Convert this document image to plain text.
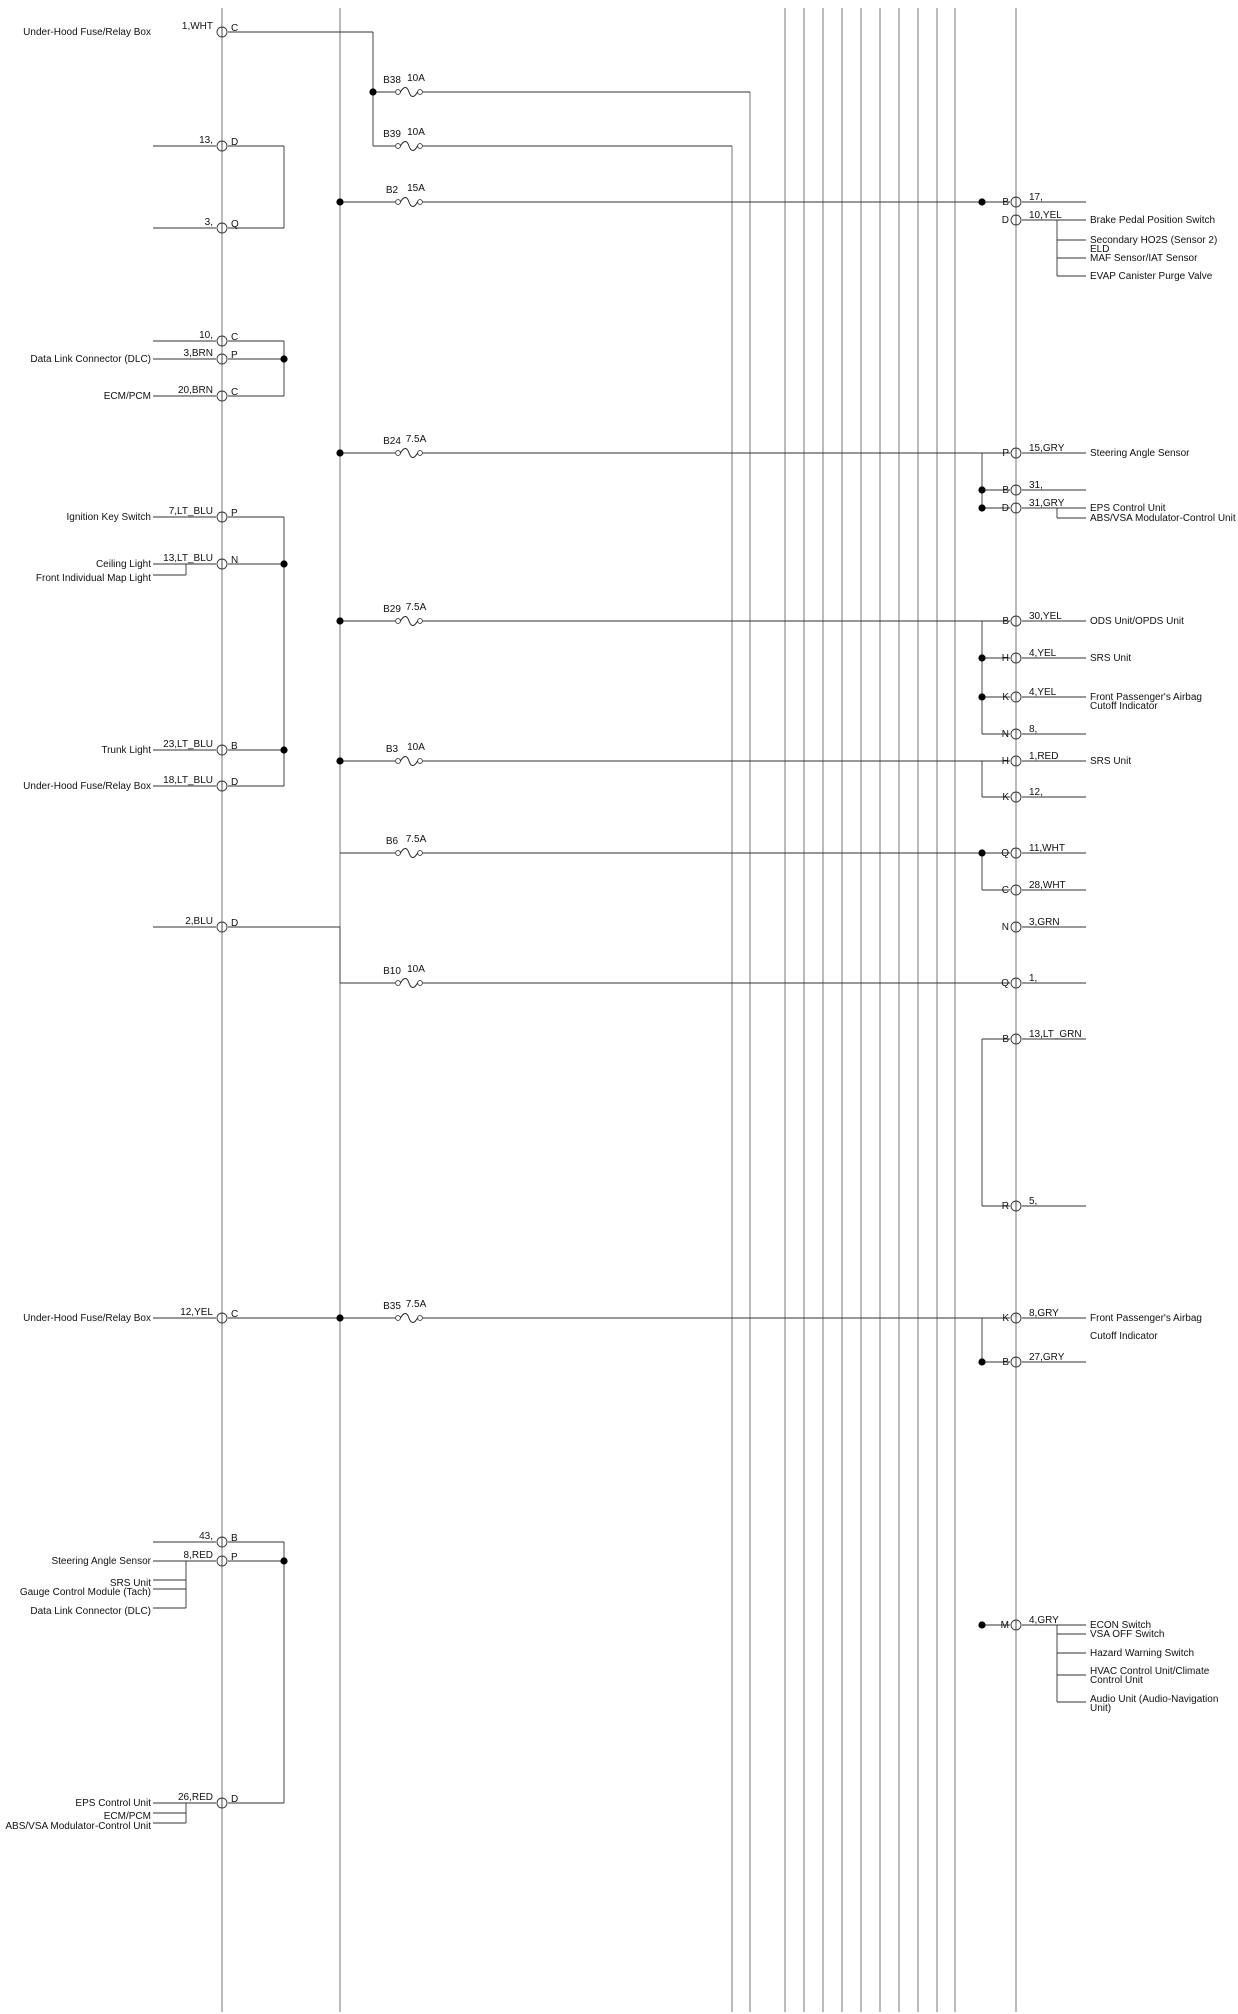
1,WHT C
Under-Hood Fuse/Relay Box
13, D
3, Q
10, C
3,BRN P
Data Link Connector (DLC)
20,BRN C
ECM/PCM
7,LT_BLU P
Ignition Key Switch
13,LT_BLU N
Ceiling Light
23,LT_BLU B
Trunk Light
18,LT_BLU D
Under-Hood Fuse/Relay Box
2,BLU D
12,YEL C
Under-Hood Fuse/Relay Box
43, B
8,RED P
Steering Angle Sensor
26,RED D
EPS Control Unit
Front Individual Map Light
SRS Unit
Gauge Control Module (Tach)
Data Link Connector (DLC)
ECM/PCM
ABS/VSA Modulator-Control Unit
B38 10A
B39 10A
B2 15A
B24 7.5A
B29 7.5A
B3 10A
B6 7.5A
B10 10A
B35 7.5A
B 17,
D 10,YEL	Brake Pedal Position Switch
P 15,GRY	Steering Angle Sensor
B 31,
D 31,GRY	EPS Control Unit
B 30,YEL	ODS Unit/OPDS Unit
H 4,YEL	SRS Unit
K 4,YEL	Front Passenger's Airbag
N 8,
H 1,RED	SRS Unit
K 12,
Q 11,WHT
C 28,WHT
N 3,GRN
Q 1,
B 13,LT_GRN
R 5,
K 8,GRY	Front Passenger's Airbag
B 27,GRY
M 4,GRY	ECON Switch
Secondary HO2S (Sensor 2)
ELD
MAF Sensor/IAT Sensor
EVAP Canister Purge Valve
ABS/VSA Modulator-Control Unit
Cutoff Indicator
Cutoff Indicator
VSA OFF Switch
Hazard Warning Switch
HVAC Control Unit/Climate
Control Unit
Audio Unit (Audio-Navigation
Unit)
